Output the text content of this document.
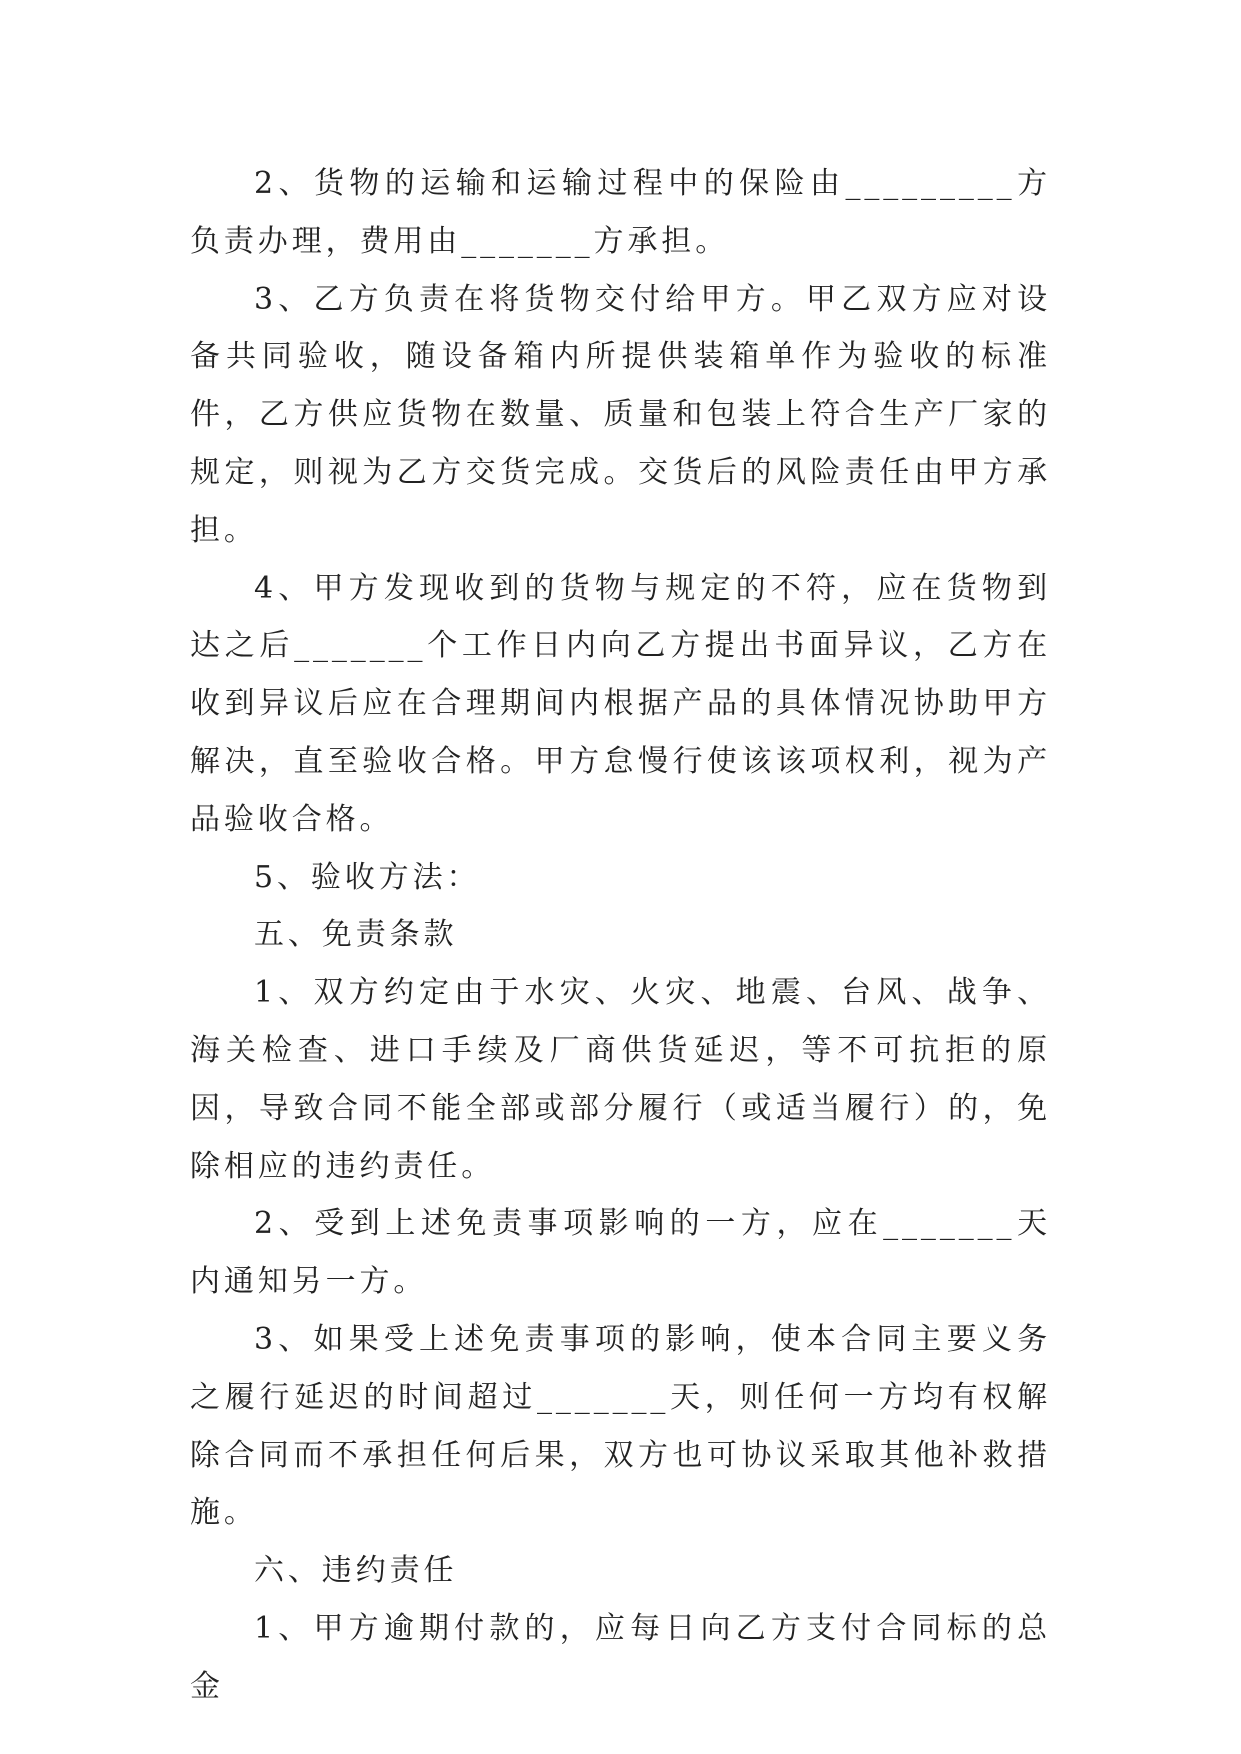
2、货物的运输和运输过程中的保险由_________方负责办理，费用由_______方承担。

3、乙方负责在将货物交付给甲方。甲乙双方应对设备共同验收，随设备箱内所提供装箱单作为验收的标准件，乙方供应货物在数量、质量和包装上符合生产厂家的规定，则视为乙方交货完成。交货后的风险责任由甲方承担。

4、甲方发现收到的货物与规定的不符，应在货物到达之后_______个工作日内向乙方提出书面异议，乙方在收到异议后应在合理期间内根据产品的具体情况协助甲方解决，直至验收合格。甲方怠慢行使该该项权利，视为产品验收合格。

5、验收方法：

五、免责条款

1、双方约定由于水灾、火灾、地震、台风、战争、海关检查、进口手续及厂商供货延迟，等不可抗拒的原因，导致合同不能全部或部分履行（或适当履行）的，免除相应的违约责任。

2、受到上述免责事项影响的一方，应在_______天内通知另一方。

3、如果受上述免责事项的影响，使本合同主要义务之履行延迟的时间超过_______天，则任何一方均有权解除合同而不承担任何后果，双方也可协议采取其他补救措施。

六、违约责任

1、甲方逾期付款的，应每日向乙方支付合同标的总金
